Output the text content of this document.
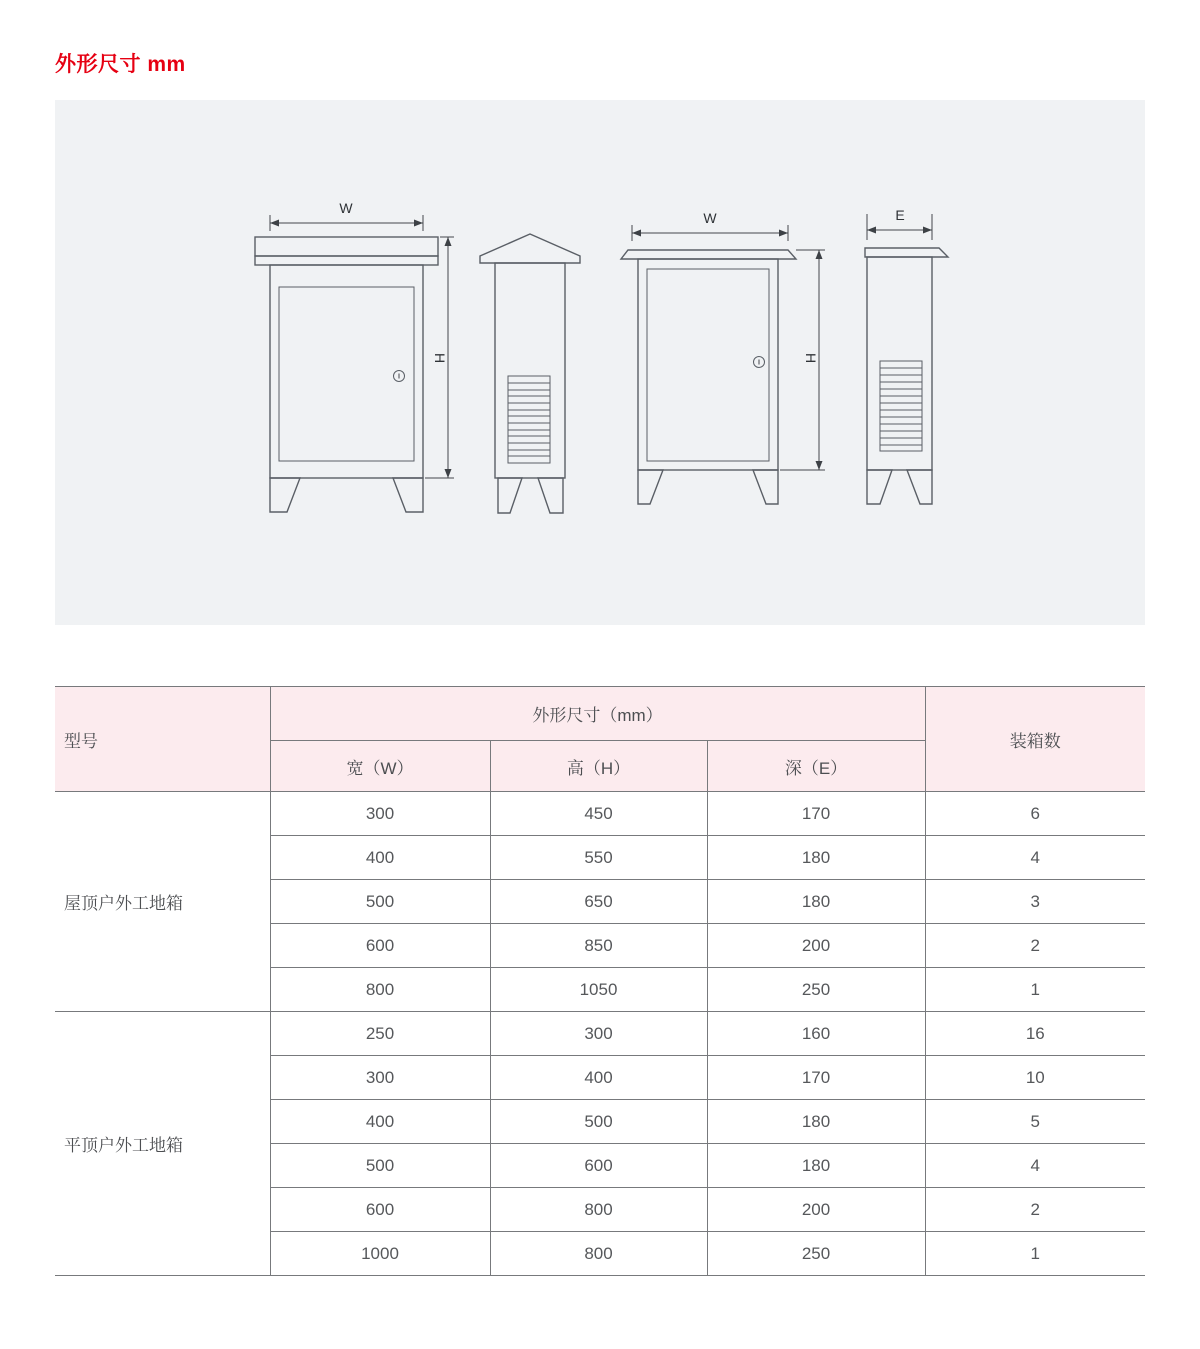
外形尺寸 mm
W
H
W
H
E
型号	外形尺寸（mm）			装箱数
	宽（W）	高（H）	深（E）	
屋顶户外工地箱	300	450	170	6
	400	550	180	4
	500	650	180	3
	600	850	200	2
	800	1050	250	1
平顶户外工地箱	250	300	160	16
	300	400	170	10
	400	500	180	5
	500	600	180	4
	600	800	200	2
	1000	800	250	1
